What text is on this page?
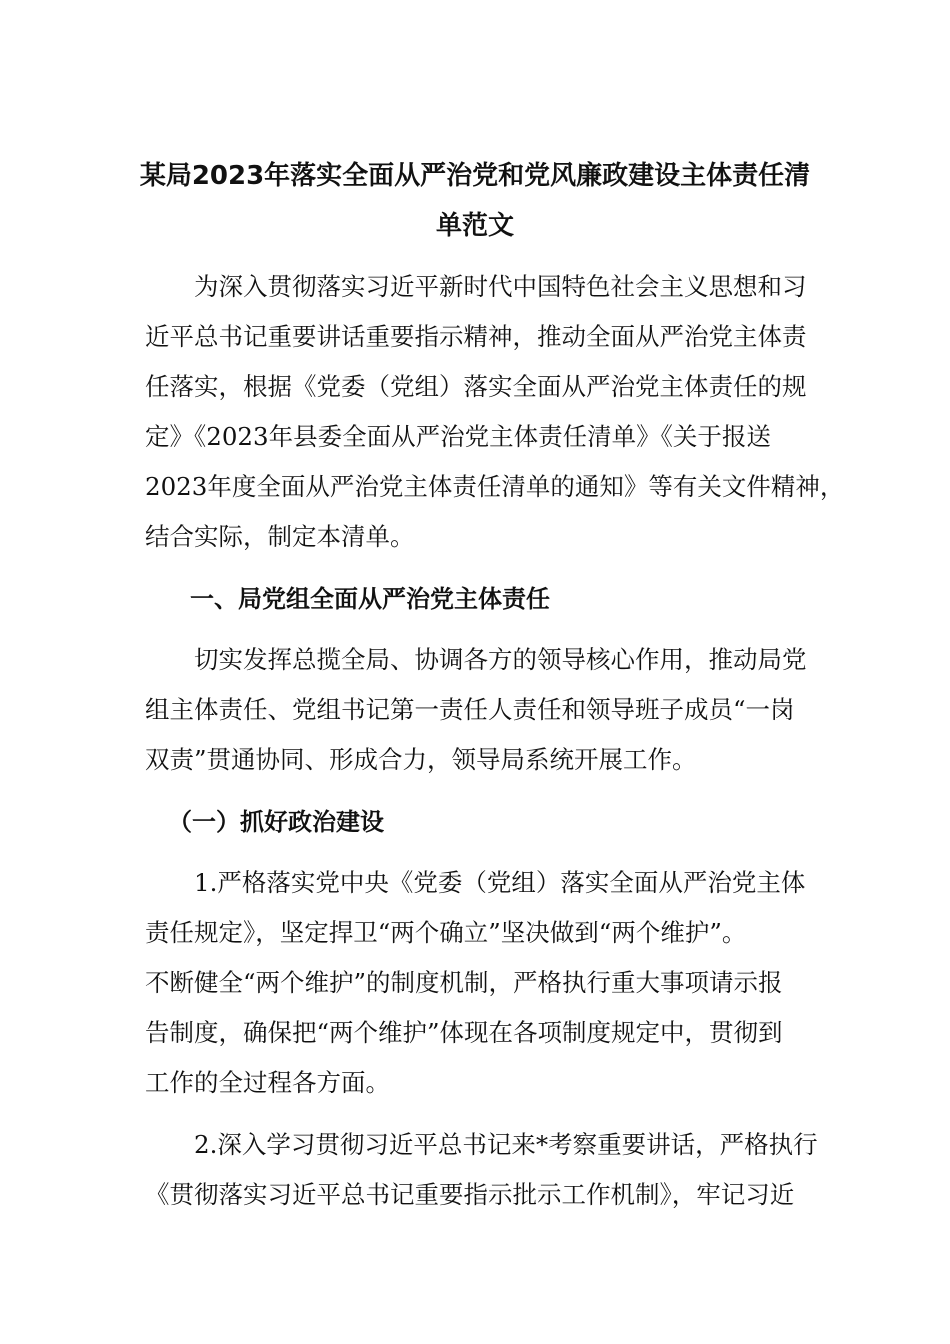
某局2023年落实全面从严治党和党风廉政建设主体责任清
单范文

　　为深入贯彻落实习近平新时代中国特色社会主义思想和习

近平总书记重要讲话重要指示精神，推动全面从严治党主体责

任落实，根据《党委（党组）落实全面从严治党主体责任的规

定》《2023年县委全面从严治党主体责任清单》《关于报送

2023年度全面从严治党主体责任清单的通知》等有关文件精神，

结合实际，制定本清单。

一、局党组全面从严治党主体责任

　　切实发挥总揽全局、协调各方的领导核心作用，推动局党

组主体责任、党组书记第一责任人责任和领导班子成员“一岗

双责”贯通协同、形成合力，领导局系统开展工作。

（一）抓好政治建设

　　1.严格落实党中央《党委（党组）落实全面从严治党主体

责任规定》，坚定捍卫“两个确立”坚决做到“两个维护”。

不断健全“两个维护”的制度机制，严格执行重大事项请示报

告制度，确保把“两个维护”体现在各项制度规定中，贯彻到

工作的全过程各方面。

　　2.深入学习贯彻习近平总书记来*考察重要讲话，严格执行

《贯彻落实习近平总书记重要指示批示工作机制》，牢记习近
